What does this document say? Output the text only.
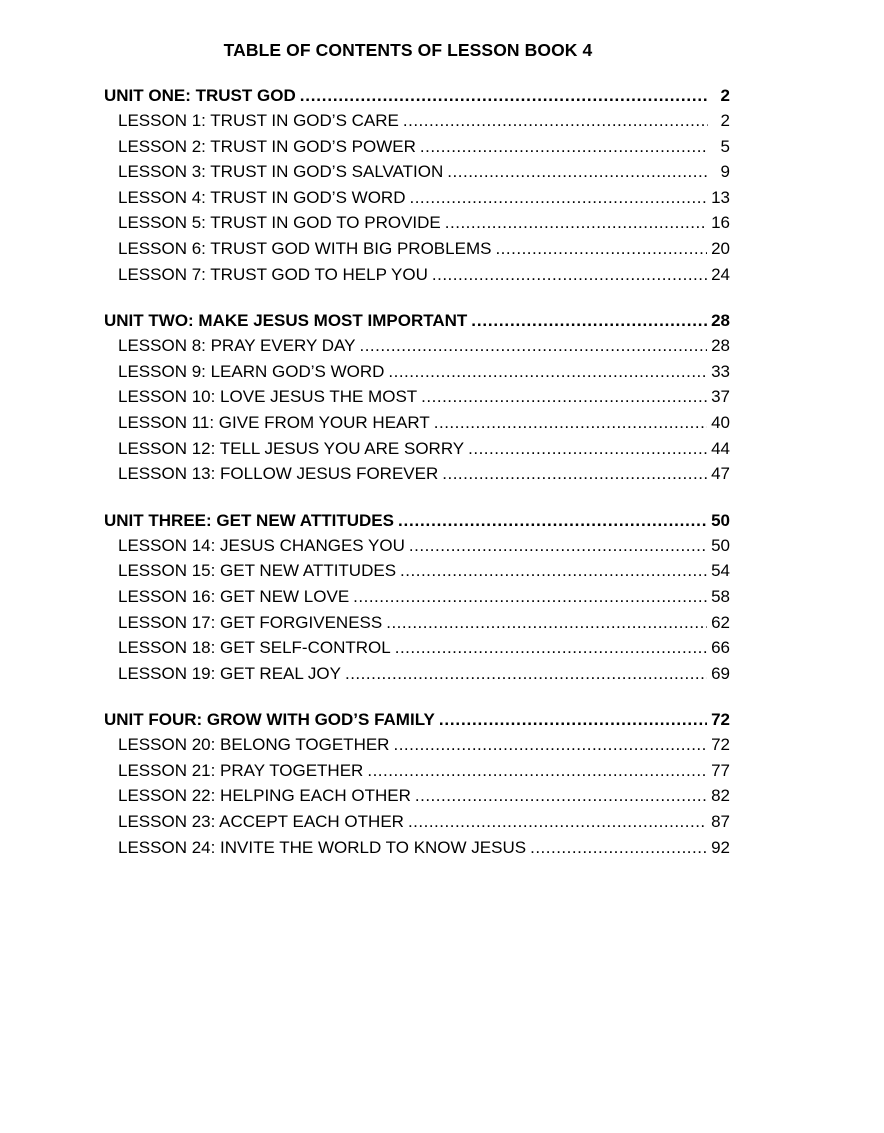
TABLE OF CONTENTS OF LESSON BOOK 4
UNIT ONE: TRUST GOD .....	2
LESSON 1: TRUST IN GOD’S CARE .....	2
LESSON 2: TRUST IN GOD’S POWER .....	5
LESSON 3: TRUST IN GOD’S SALVATION .....	9
LESSON 4: TRUST IN GOD’S WORD .....	13
LESSON 5: TRUST IN GOD TO PROVIDE .....	16
LESSON 6: TRUST GOD WITH BIG PROBLEMS .....	20
LESSON 7: TRUST GOD TO HELP YOU .....	24
UNIT TWO: MAKE JESUS MOST IMPORTANT .....	28
LESSON 8: PRAY EVERY DAY .....	28
LESSON 9: LEARN GOD’S WORD .....	33
LESSON 10: LOVE JESUS THE MOST .....	37
LESSON 11: GIVE FROM YOUR HEART .....	40
LESSON 12: TELL JESUS YOU ARE SORRY .....	44
LESSON 13: FOLLOW JESUS FOREVER .....	47
UNIT THREE: GET NEW ATTITUDES .....	50
LESSON 14: JESUS CHANGES YOU .....	50
LESSON 15: GET NEW ATTITUDES .....	54
LESSON 16: GET NEW LOVE .....	58
LESSON 17: GET FORGIVENESS .....	62
LESSON 18: GET SELF-CONTROL .....	66
LESSON 19: GET REAL JOY .....	69
UNIT FOUR: GROW WITH GOD’S FAMILY .....	72
LESSON 20: BELONG TOGETHER .....	72
LESSON 21: PRAY TOGETHER .....	77
LESSON 22: HELPING EACH OTHER .....	82
LESSON 23: ACCEPT EACH OTHER .....	87
LESSON 24: INVITE THE WORLD TO KNOW JESUS .....	92
